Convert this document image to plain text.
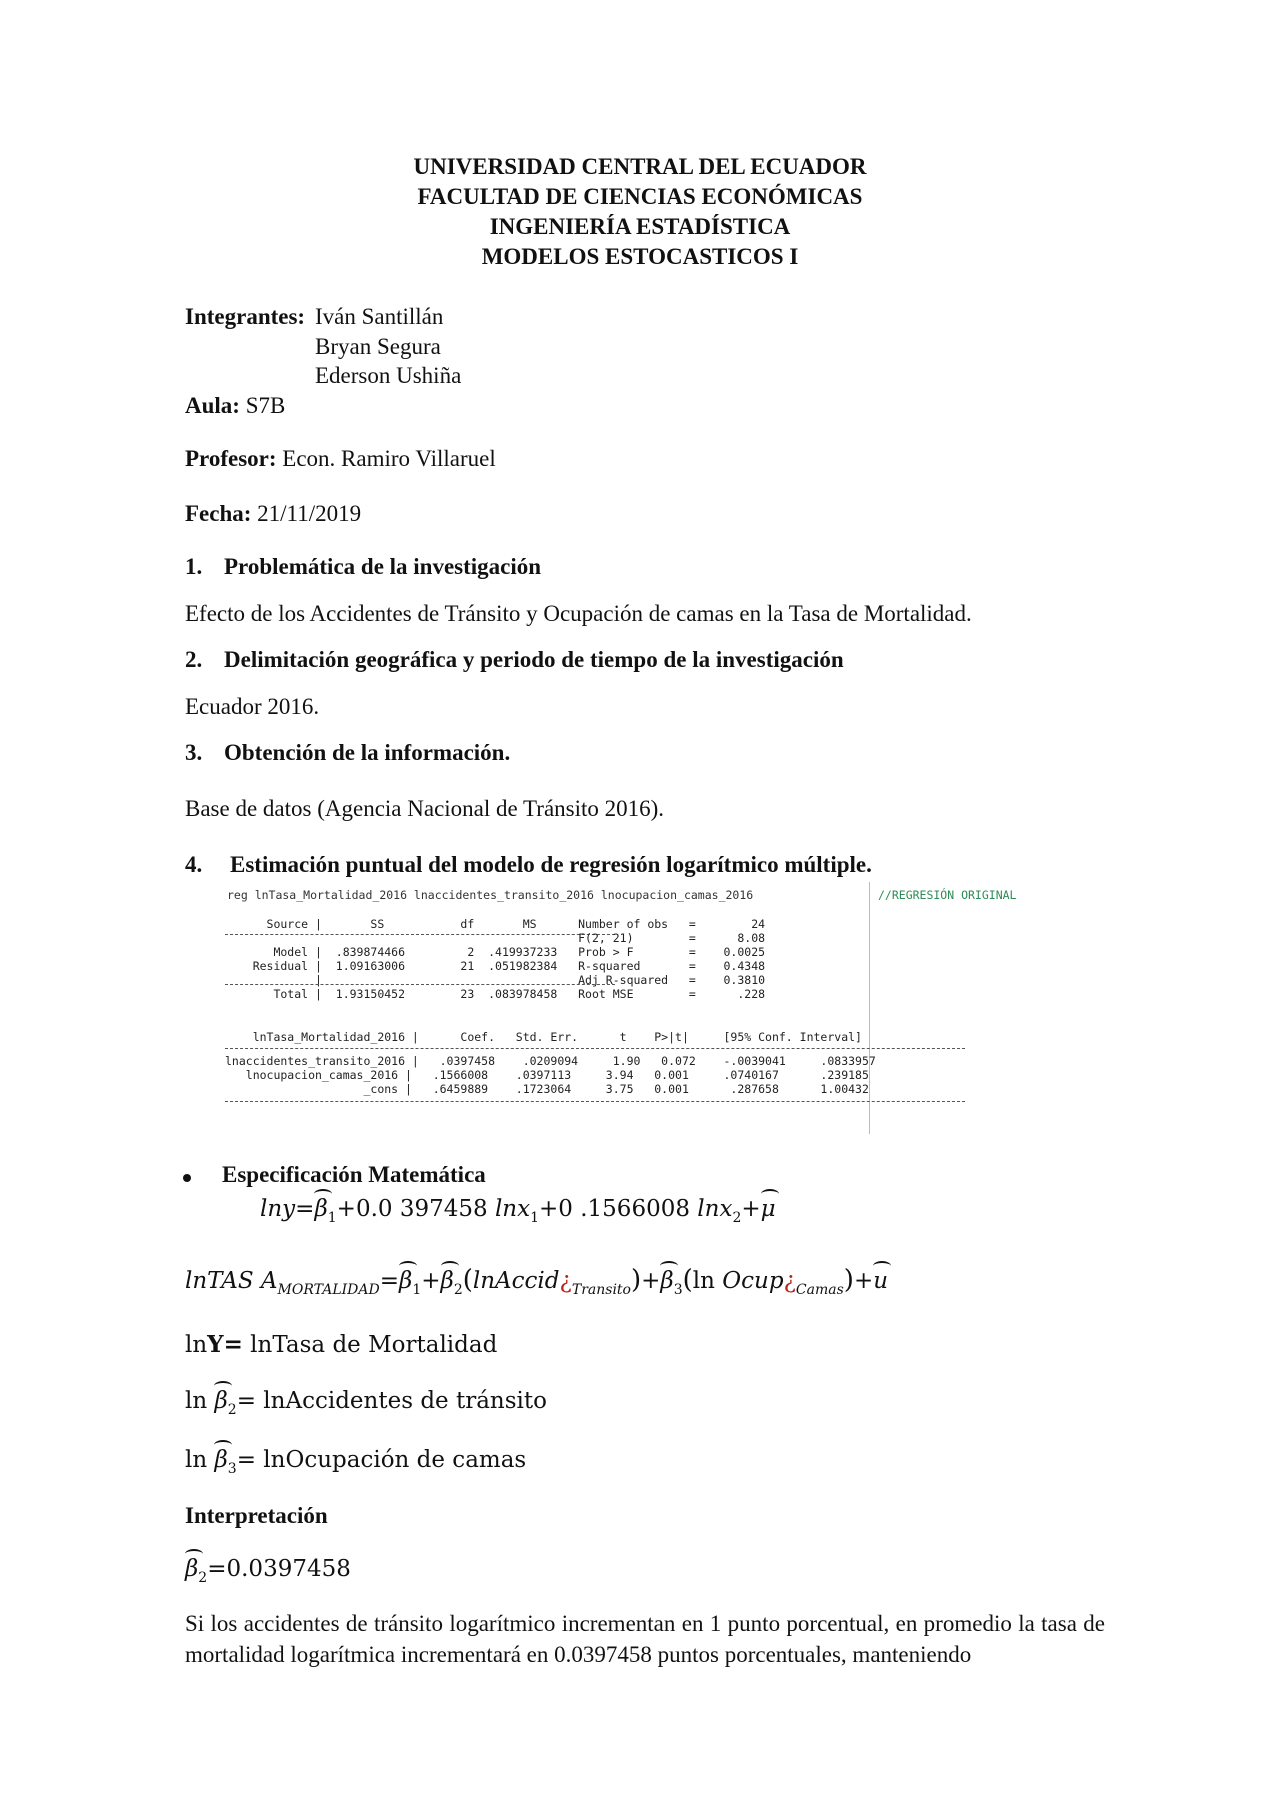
UNIVERSIDAD CENTRAL DEL ECUADOR
FACULTAD DE CIENCIAS ECONÓMICAS
INGENIERÍA ESTADÍSTICA
MODELOS ESTOCASTICOS I
Integrantes: Iván Santillán
Bryan Segura
Ederson Ushiña
Aula: S7B
Profesor: Econ. Ramiro Villaruel
Fecha: 21/11/2019
1. Problemática de la investigación
Efecto de los Accidentes de Tránsito y Ocupación de camas en la Tasa de Mortalidad.
2. Delimitación geográfica y periodo de tiempo de la investigación
Ecuador 2016.
3. Obtención de la información.
Base de datos (Agencia Nacional de Tránsito 2016).
4. Estimación puntual del modelo de regresión logarítmico múltiple.
reg lnTasa_Mortalidad_2016 lnaccidentes_transito_2016 lnocupacion_camas_2016	//REGRESIÓN ORIGINAL
Source |       SS           df       MS      Number of obs   =        24
F(2, 21)        =      8.08
Model |  .839874466         2  .419937233   Prob > F        =    0.0025
Residual |  1.09163006        21  .051982384   R-squared       =    0.4348
|                                     Adj R-squared   =    0.3810
Total |  1.93150452        23  .083978458   Root MSE        =      .228
lnTasa_Mortalidad_2016 |      Coef.   Std. Err.      t    P>|t|     [95% Conf. Interval]
lnaccidentes_transito_2016 |   .0397458    .0209094     1.90   0.072    -.0039041     .0833957
lnocupacion_camas_2016 |   .1566008    .0397113     3.94   0.001     .0740167      .239185
_cons |   .6459889    .1723064     3.75   0.001      .287658      1.00432
Especificación Matemática
$\ln y=\beta_1+0.0$ 397458 lnx$_1$+0 .1566008 lnx$_2$+μ
lnTAS $A_{MORTALIDAD}=\beta_1+\beta_2(lnAccid¿_{Transito})+\beta_3(\ln$ $Ocup¿_{Camas})+u$
lnY= lnTasa de Mortalidad
$\ln \beta_2=$ lnAccidentes de tránsito
$\ln \beta_3=$ lnOcupación de camas
Interpretación
$\beta_2=0.0397458$
Si los accidentes de tránsito logarítmico incrementan en 1 punto porcentual, en promedio la tasa de mortalidad logarítmica incrementará en 0.0397458 puntos porcentuales, manteniendo
